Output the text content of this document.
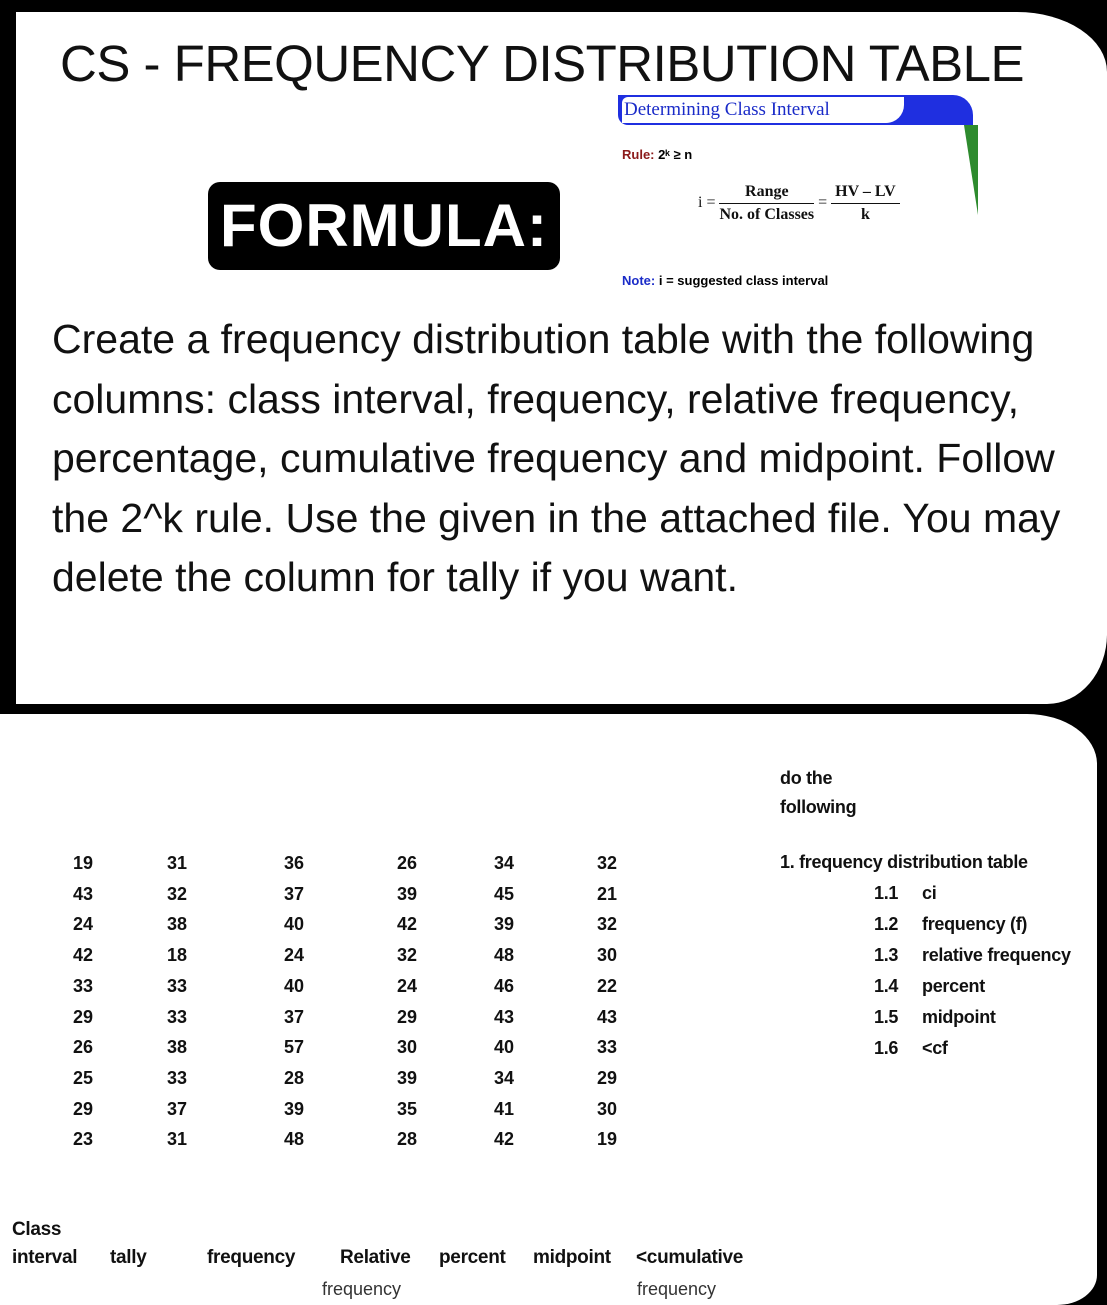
CS - FREQUENCY DISTRIBUTION TABLE
FORMULA:
Determining Class Interval
Rule: 2ᵏ ≥ n
$i = \frac{\text{Range}}{\text{No. of Classes}} = \frac{HV - LV}{k}$
Note: i = suggested class interval
Create a frequency distribution table with the following columns: class interval, frequency, relative frequency, percentage, cumulative frequency and midpoint. Follow the 2^k rule. Use the given in the attached file. You may delete the column for tally if you want.
19
43
24
42
33
29
26
25
29
23
31
32
38
18
33
33
38
33
37
31
36
37
40
24
40
37
57
28
39
48
26
39
42
32
24
29
30
39
35
28
34
45
39
48
46
43
40
34
41
42
32
21
32
30
22
43
33
29
30
19
do the following
1. frequency distribution table
1.1 ci
1.2 frequency (f)
1.3 relative frequency
1.4 percent
1.5 midpoint
1.6 <cf
Class
interval tally	frequency Relative
frequency
percent midpoint <cumulative
frequency
